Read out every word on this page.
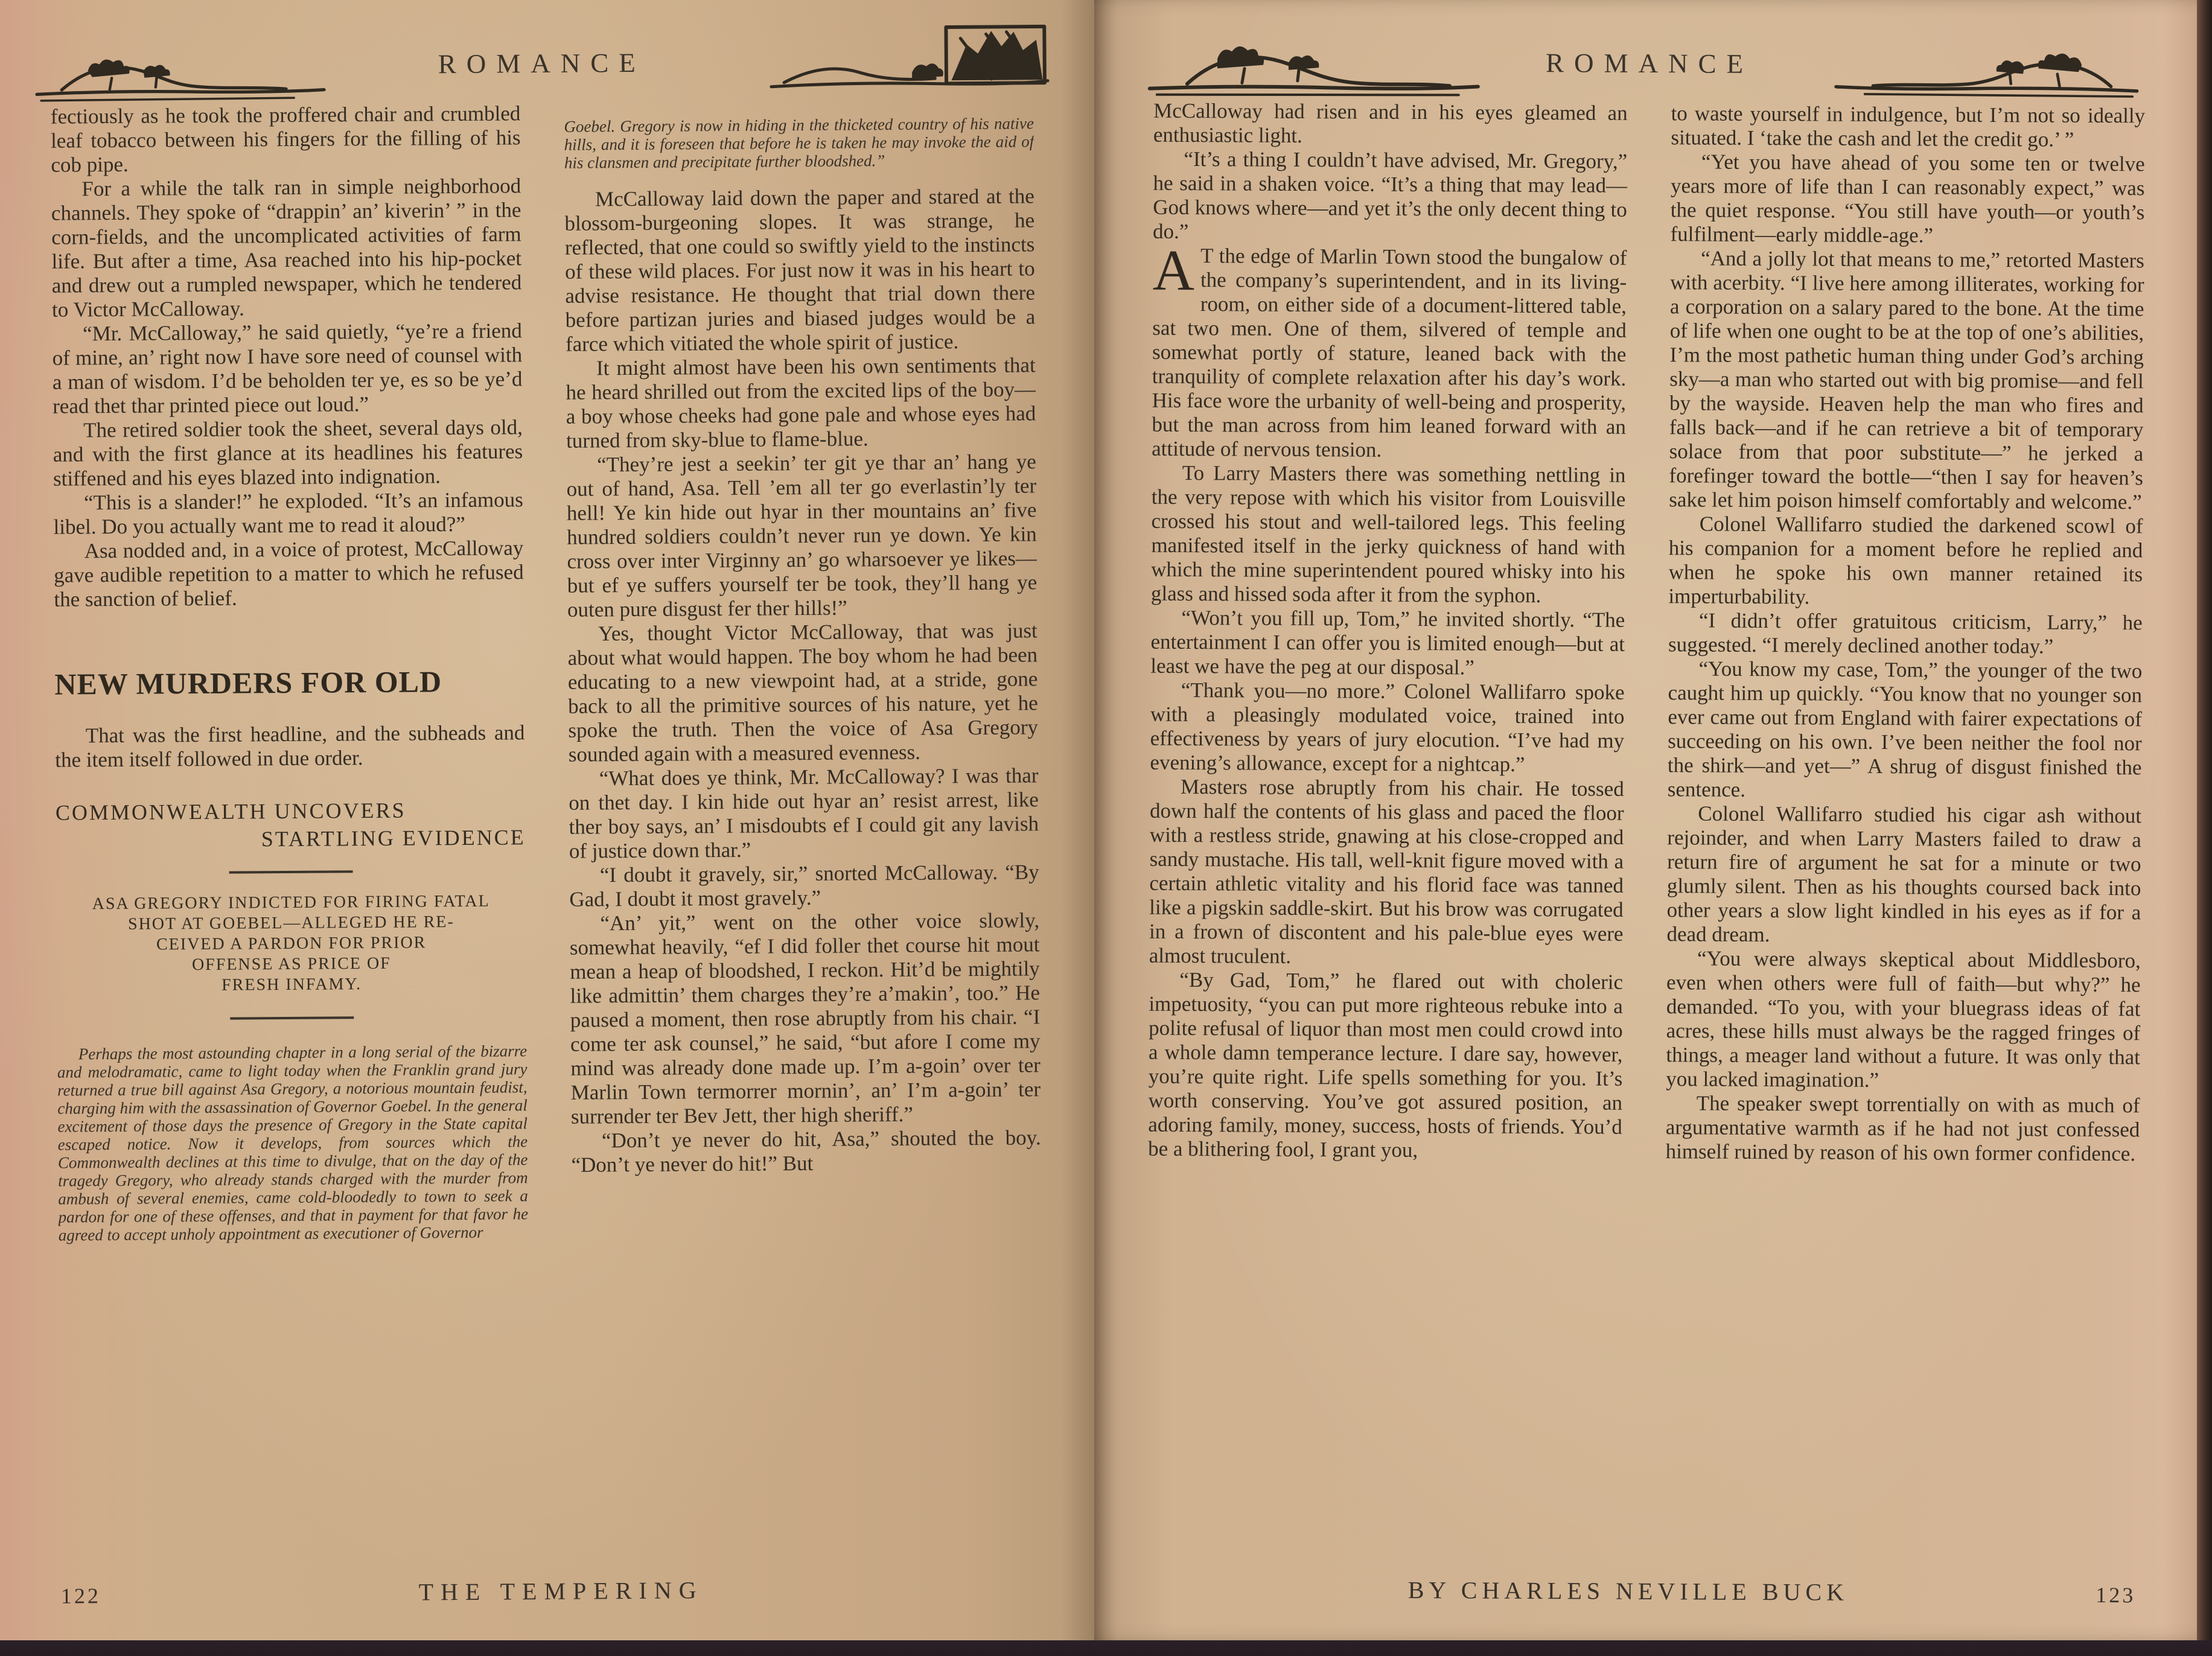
ROMANCE

fectiously as he took the proffered chair and crumbled leaf tobacco between his fingers for the filling of his cob pipe.

For a while the talk ran in simple neighborhood channels. They spoke of “drappin’ an’ kiverin’ ” in the corn-fields, and the uncomplicated activities of farm life. But after a time, Asa reached into his hip-pocket and drew out a rumpled newspaper, which he tendered to Victor McCalloway.

“Mr. McCalloway,” he said quietly, “ye’re a friend of mine, an’ right now I have sore need of counsel with a man of wisdom. I’d be beholden ter ye, es so be ye’d read thet thar printed piece out loud.”

The retired soldier took the sheet, several days old, and with the first glance at its headlines his features stiffened and his eyes blazed into indignation.

“This is a slander!” he exploded. “It’s an infamous libel. Do you actually want me to read it aloud?”

Asa nodded and, in a voice of protest, McCalloway gave audible repetition to a matter to which he refused the sanction of belief.

NEW MURDERS FOR OLD

That was the first headline, and the subheads and the item itself followed in due order.

COMMONWEALTH UNCOVERS
STARTLING EVIDENCE
ASA GREGORY INDICTED FOR FIRING FATAL
SHOT AT GOEBEL—ALLEGED HE RE-
CEIVED A PARDON FOR PRIOR
OFFENSE AS PRICE OF
FRESH INFAMY.

Perhaps the most astounding chapter in a long serial of the bizarre and melodramatic, came to light today when the Franklin grand jury returned a true bill against Asa Gregory, a notorious mountain feudist, charging him with the assassination of Governor Goebel. In the general excitement of those days the presence of Gregory in the State capital escaped notice. Now it develops, from sources which the Commonwealth declines at this time to divulge, that on the day of the tragedy Gregory, who already stands charged with the murder from ambush of several enemies, came cold-bloodedly to town to seek a pardon for one of these offenses, and that in payment for that favor he agreed to accept unholy appointment as executioner of Governor

Goebel. Gregory is now in hiding in the thicketed country of his native hills, and it is foreseen that before he is taken he may invoke the aid of his clansmen and precipitate further bloodshed.”

McCalloway laid down the paper and stared at the blossom-burgeoning slopes. It was strange, he reflected, that one could so swiftly yield to the instincts of these wild places. For just now it was in his heart to advise resistance. He thought that trial down there before partizan juries and biased judges would be a farce which vitiated the whole spirit of justice.

It might almost have been his own sentiments that he heard shrilled out from the excited lips of the boy—a boy whose cheeks had gone pale and whose eyes had turned from sky-blue to flame-blue.

“They’re jest a seekin’ ter git ye thar an’ hang ye out of hand, Asa. Tell ’em all ter go everlastin’ly ter hell! Ye kin hide out hyar in ther mountains an’ five hundred soldiers couldn’t never run ye down. Ye kin cross over inter Virginny an’ go wharsoever ye likes—but ef ye suffers yourself ter be took, they’ll hang ye outen pure disgust fer ther hills!”

Yes, thought Victor McCalloway, that was just about what would happen. The boy whom he had been educating to a new viewpoint had, at a stride, gone back to all the primitive sources of his nature, yet he spoke the truth. Then the voice of Asa Gregory sounded again with a measured evenness.

“What does ye think, Mr. McCalloway? I was thar on thet day. I kin hide out hyar an’ resist arrest, like ther boy says, an’ I misdoubts ef I could git any lavish of justice down thar.”

“I doubt it gravely, sir,” snorted McCalloway. “By Gad, I doubt it most gravely.”

“An’ yit,” went on the other voice slowly, somewhat heavily, “ef I did foller thet course hit mout mean a heap of bloodshed, I reckon. Hit’d be mightily like admittin’ them charges they’re a’makin’, too.” He paused a moment, then rose abruptly from his chair. “I come ter ask counsel,” he said, “but afore I come my mind was already done made up. I’m a-goin’ over ter Marlin Town termorrer mornin’, an’ I’m a-goin’ ter surrender ter Bev Jett, ther high sheriff.”

“Don’t ye never do hit, Asa,” shouted the boy. “Don’t ye never do hit!” But

122	THE TEMPERING
ROMANCE

McCalloway had risen and in his eyes gleamed an enthusiastic light.

“It’s a thing I couldn’t have advised, Mr. Gregory,” he said in a shaken voice. “It’s a thing that may lead—God knows where—and yet it’s the only decent thing to do.”

A T the edge of Marlin Town stood the bungalow of the company’s superintendent, and in its living-room, on either side of a document-littered table, sat two men. One of them, silvered of temple and somewhat portly of stature, leaned back with the tranquility of complete relaxation after his day’s work. His face wore the urbanity of well-being and prosperity, but the man across from him leaned forward with an attitude of nervous tension.

To Larry Masters there was something nettling in the very repose with which his visitor from Louisville crossed his stout and well-tailored legs. This feeling manifested itself in the jerky quickness of hand with which the mine superintendent poured whisky into his glass and hissed soda after it from the syphon.

“Won’t you fill up, Tom,” he invited shortly. “The entertainment I can offer you is limited enough—but at least we have the peg at our disposal.”

“Thank you—no more.” Colonel Wallifarro spoke with a pleasingly modulated voice, trained into effectiveness by years of jury elocution. “I’ve had my evening’s allowance, except for a nightcap.”

Masters rose abruptly from his chair. He tossed down half the contents of his glass and paced the floor with a restless stride, gnawing at his close-cropped and sandy mustache. His tall, well-knit figure moved with a certain athletic vitality and his florid face was tanned like a pigskin saddle-skirt. But his brow was corrugated in a frown of discontent and his pale-blue eyes were almost truculent.

“By Gad, Tom,” he flared out with choleric impetuosity, “you can put more righteous rebuke into a polite refusal of liquor than most men could crowd into a whole damn temperance lecture. I dare say, however, you’re quite right. Life spells something for you. It’s worth conserving. You’ve got assured position, an adoring family, money, success, hosts of friends. You’d be a blithering fool, I grant you,

to waste yourself in indulgence, but I’m not so ideally situated. I ‘take the cash and let the credit go.’ ”

“Yet you have ahead of you some ten or twelve years more of life than I can reasonably expect,” was the quiet response. “You still have youth—or youth’s fulfilment—early middle-age.”

“And a jolly lot that means to me,” retorted Masters with acerbity. “I live here among illiterates, working for a corporation on a salary pared to the bone. At the time of life when one ought to be at the top of one’s abilities, I’m the most pathetic human thing under God’s arching sky—a man who started out with big promise—and fell by the wayside. Heaven help the man who fires and falls back—and if he can retrieve a bit of temporary solace from that poor substitute—” he jerked a forefinger toward the bottle—“then I say for heaven’s sake let him poison himself comfortably and welcome.”

Colonel Wallifarro studied the darkened scowl of his companion for a moment before he replied and when he spoke his own manner retained its imperturbability.

“I didn’t offer gratuitous criticism, Larry,” he suggested. “I merely declined another today.”

“You know my case, Tom,” the younger of the two caught him up quickly. “You know that no younger son ever came out from England with fairer expectations of succeeding on his own. I’ve been neither the fool nor the shirk—and yet—” A shrug of disgust finished the sentence.

Colonel Wallifarro studied his cigar ash without rejoinder, and when Larry Masters failed to draw a return fire of argument he sat for a minute or two glumly silent. Then as his thoughts coursed back into other years a slow light kindled in his eyes as if for a dead dream.

“You were always skeptical about Middlesboro, even when others were full of faith—but why?” he demanded. “To you, with your bluegrass ideas of fat acres, these hills must always be the ragged fringes of things, a meager land without a future. It was only that you lacked imagination.”

The speaker swept torrentially on with as much of argumentative warmth as if he had not just confessed himself ruined by reason of his own former confidence.

BY CHARLES NEVILLE BUCK	123
